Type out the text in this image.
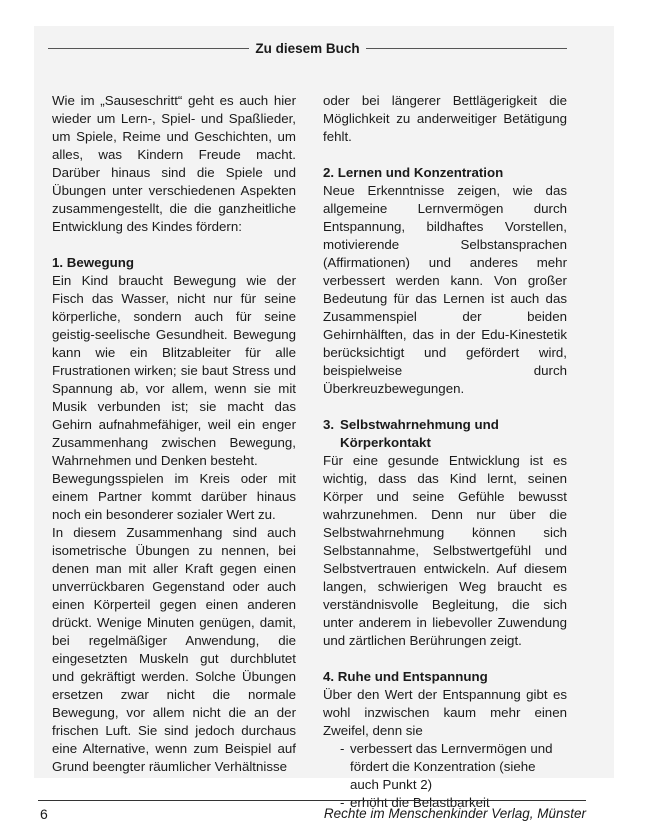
Zu diesem Buch

Wie im „Sauseschritt“ geht es auch hier wieder um Lern-, Spiel- und Spaßlieder, um Spiele, Reime und Geschichten, um alles, was Kindern Freude macht. Darüber hinaus sind die Spiele und Übungen unter verschiedenen Aspekten zusammengestellt, die die ganzheitliche Entwicklung des Kindes fördern:

1. Bewegung

Ein Kind braucht Bewegung wie der Fisch das Wasser, nicht nur für seine körperliche, sondern auch für seine geistig-seelische Gesundheit. Bewegung kann wie ein Blitzableiter für alle Frustrationen wirken; sie baut Stress und Spannung ab, vor allem, wenn sie mit Musik verbunden ist; sie macht das Gehirn aufnahmefähiger, weil ein enger Zusammenhang zwischen Bewegung, Wahrnehmen und Denken besteht.

Bewegungsspielen im Kreis oder mit einem Partner kommt darüber hinaus noch ein besonderer sozialer Wert zu.

In diesem Zusammenhang sind auch isometrische Übungen zu nennen, bei denen man mit aller Kraft gegen einen unverrückbaren Gegenstand oder auch einen Körperteil gegen einen anderen drückt. Wenige Minuten genügen, damit, bei regelmäßiger Anwendung, die eingesetzten Muskeln gut durchblutet und gekräftigt werden. Solche Übungen ersetzen zwar nicht die normale Bewegung, vor allem nicht die an der frischen Luft. Sie sind jedoch durchaus eine Alternative, wenn zum Beispiel auf Grund beengter räumlicher Verhältnisse

oder bei längerer Bettlägerigkeit die Möglichkeit zu anderweitiger Betätigung fehlt.

2. Lernen und Konzentration

Neue Erkenntnisse zeigen, wie das allgemeine Lernvermögen durch Entspannung, bildhaftes Vorstellen, motivierende Selbstansprachen (Affirmationen) und anderes mehr verbessert werden kann. Von großer Bedeutung für das Lernen ist auch das Zusammenspiel der beiden Gehirnhälften, das in der Edu-Kinestetik berücksichtigt und gefördert wird, beispielweise durch Überkreuzbewegungen.

3. Selbstwahrnehmung und Körperkontakt

Für eine gesunde Entwicklung ist es wichtig, dass das Kind lernt, seinen Körper und seine Gefühle bewusst wahrzunehmen. Denn nur über die Selbstwahrnehmung können sich Selbstannahme, Selbstwertgefühl und Selbstvertrauen entwickeln. Auf diesem langen, schwierigen Weg braucht es verständnisvolle Begleitung, die sich unter anderem in liebevoller Zuwendung und zärtlichen Berührungen zeigt.

4. Ruhe und Entspannung

Über den Wert der Entspannung gibt es wohl inzwischen kaum mehr einen Zweifel, denn sie

- verbessert das Lernvermögen und fördert die Konzentration (siehe auch Punkt 2)
- erhöht die Belastbarkeit
6	Rechte im Menschenkinder Verlag, Münster
